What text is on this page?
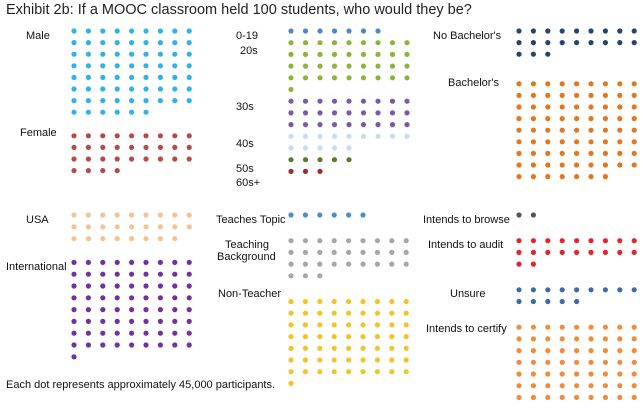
Exhibit 2b: If a MOOC classroom held 100 students, who would they be?
Male
Female
0-19
20s
30s
40s
50s
60s+
No Bachelor's
Bachelor's
USA
International
Teaches Topic
Teaching Background
Non-Teacher
Intends to browse
Intends to audit
Unsure
Intends to certify
Each dot represents approximately 45,000 participants.
